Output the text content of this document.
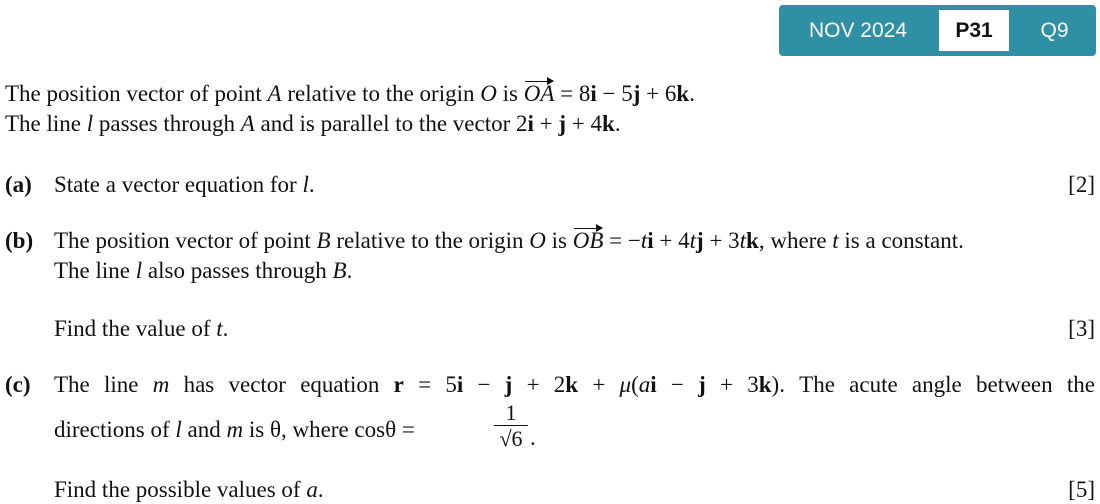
NOV 2024	P31	Q9
The position vector of point A relative to the origin O is OA = 8i − 5j + 6k.
The line l passes through A and is parallel to the vector 2i + j + 4k.
(a) State a vector equation for l.	[2]
(b) The position vector of point B relative to the origin O is OB = −ti + 4tj + 3tk, where t is a constant.
The line l also passes through B.
Find the value of t.	[3]
(c) The line m has vector equation r = 5i − j + 2k + μ(ai − j + 3k). The acute angle between the
directions of l and m is θ, where cosθ =
1
√6 .
Find the possible values of a.	[5]
